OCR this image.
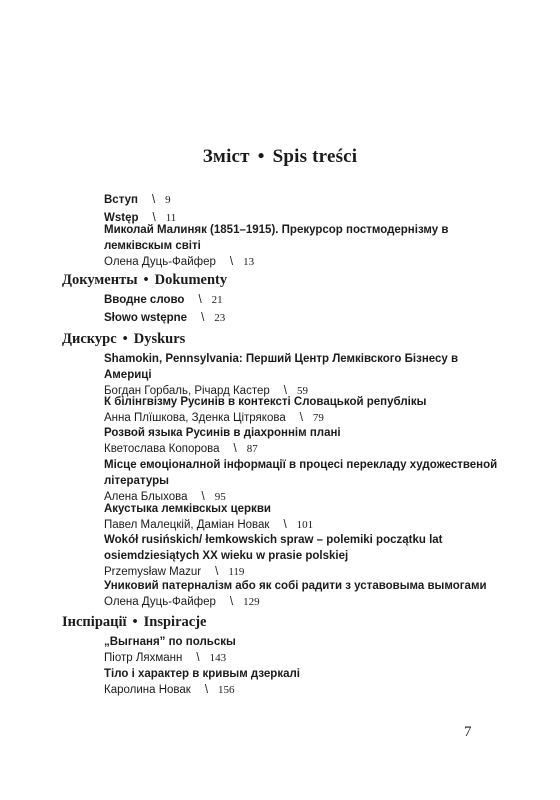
Зміст • Spis treści
Вступ \ 9
Wstęp \ 11
Миколай Малиняк (1851–1915). Прекурсор постмодернізму в лемківскым світі
Олена Дуць-Файфер \ 13
Документы • Dokumenty
Вводне слово \ 21
Słowo wstępne \ 23
Дискурс • Dyskurs
Shamokin, Pennsylvania: Перший Центр Лемківского Бізнесу в Америці
Богдан Горбаль, Річард Кастер \ 59
К білінгвізму Русинів в контексті Словацькой републікы
Анна Плїшкова, Зденка Цітрякова \ 79
Розвой языка Русинів в діахроннім плані
Кветослава Копорова \ 87
Місце емоціоналной інформації в процесі перекладу художественой літературы
Алена Блыхова \ 95
Акустыка лемківскых церкви
Павел Малецкій, Даміан Новак \ 101
Wokół rusińskich/ łemkowskich spraw – polemiki początku lat osiemdziesiątych XX wieku w prasie polskiej
Przemysław Mazur \ 119
Уникoвий патерналізм або як собі радити з уставовыма вымогами
Олена Дуць-Файфер \ 129
Інспірації • Inspiracje
„Выгнаня” по польскы
Пiотр Ляхманн \ 143
Тіло і характер в кривым дзеркалі
Каролина Новак \ 156
7
